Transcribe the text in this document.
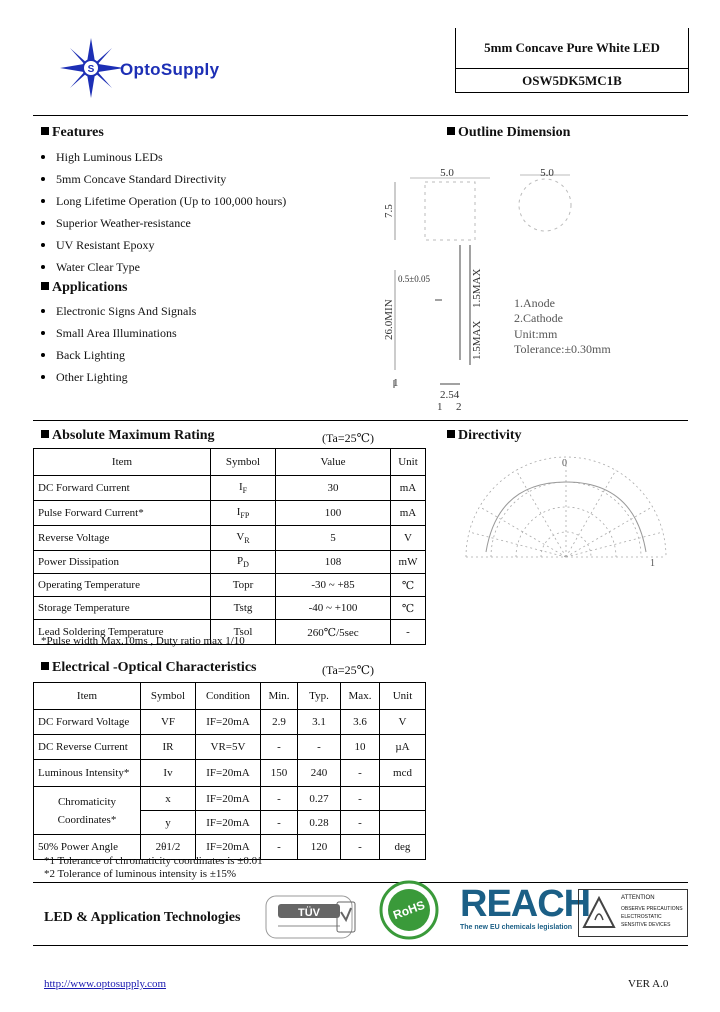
S OptoSupply
5mm Concave Pure White LED
OSW5DK5MC1B
Features
High Luminous LEDs
5mm Concave Standard Directivity
Long Lifetime Operation (Up to 100,000 hours)
Superior Weather-resistance
UV Resistant Epoxy
Water Clear Type
Applications
Electronic Signs And Signals
Small Area Illuminations
Back Lighting
Other Lighting
Outline Dimension
5.0	5.0
7.5
0.5±0.05	1.5MAX
26.0MIN
1.5MAX
2.54
1 2
1
1.Anode
2.Cathode
Unit:mm
Tolerance:±0.30mm
Absolute Maximum Rating	(Ta=25℃)
Item	Symbol	Value	Unit
DC Forward Current	$I_F$	30	mA
Pulse Forward Current*	$I_{FP}$	100	mA
Reverse Voltage	$V_R$	5	V
Power Dissipation	$P_D$	108	mW
Operating Temperature	Topr	-30 ~ +85	℃
Storage Temperature	Tstg	-40 ~ +100	℃
Lead Soldering Temperature	Tsol	260℃/5sec	-
*Pulse width Max.10ms , Duty ratio max 1/10
Directivity
0
1
Electrical -Optical Characteristics	(Ta=25℃)
Item	Symbol	Condition	Min.	Typ.	Max.	Unit
DC Forward Voltage	VF	IF=20mA	2.9	3.1	3.6	V
DC Reverse Current	IR	VR=5V	-	-	10	µA
Luminous Intensity*	Iv	IF=20mA	150	240	-	mcd
Chromaticity
Coordinates*	x	IF=20mA	-	0.27	-	
	y	IF=20mA	-	0.28	-	
50% Power Angle	2θ1/2	IF=20mA	-	120	-	deg
*1 Tolerance of chromaticity coordinates is ±0.01
*2 Tolerance of luminous intensity is ±15%
LED & Application Technologies	TÜV	RoHS REACH
The new EU chemicals legislation
ATTENTION
OBSERVE PRECAUTIONS
ELECTROSTATIC
SENSITIVE DEVICES
http://www.optosupply.com	VER A.0
